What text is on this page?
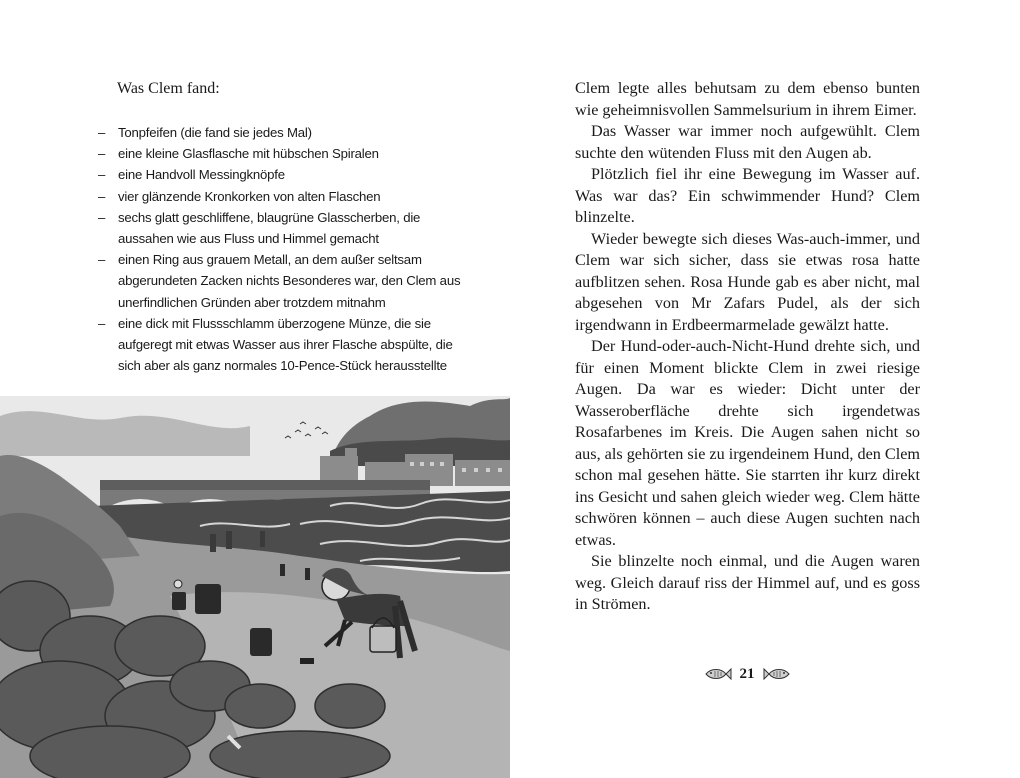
Was Clem fand:
– Tonpfeifen (die fand sie jedes Mal)
– eine kleine Glasflasche mit hübschen Spiralen
– eine Handvoll Messingknöpfe
– vier glänzende Kronkorken von alten Flaschen
– sechs glatt geschliffene, blaugrüne Glasscherben, die aussahen wie aus Fluss und Himmel gemacht
– einen Ring aus grauem Metall, an dem außer seltsam abgerundeten Zacken nichts Besonderes war, den Clem aus unerfindlichen Gründen aber trotzdem mitnahm
– eine dick mit Flussschlamm überzogene Münze, die sie aufgeregt mit etwas Wasser aus ihrer Flasche abspülte, die sich aber als ganz normales 10-Pence-Stück herausstellte

Clem legte alles behutsam zu dem ebenso bunten wie geheimnisvollen Sammelsurium in ihrem Eimer.

Das Wasser war immer noch aufgewühlt. Clem suchte den wütenden Fluss mit den Augen ab.

Plötzlich fiel ihr eine Bewegung im Wasser auf. Was war das? Ein schwimmender Hund? Clem blinzelte.

Wieder bewegte sich dieses Was-auch-immer, und Clem war sich sicher, dass sie etwas rosa hatte aufblitzen sehen. Rosa Hunde gab es aber nicht, mal abgesehen von Mr Zafars Pudel, als der sich irgendwann in Erdbeermarmelade gewälzt hatte.

Der Hund-oder-auch-Nicht-Hund drehte sich, und für einen Moment blickte Clem in zwei riesige Augen. Da war es wieder: Dicht unter der Wasseroberfläche drehte sich irgendetwas Rosafarbenes im Kreis. Die Augen sahen nicht so aus, als gehörten sie zu irgendeinem Hund, den Clem schon mal gesehen hätte. Sie starrten ihr kurz direkt ins Gesicht und sahen gleich wieder weg. Clem hätte schwören können – auch diese Augen suchten nach etwas.

Sie blinzelte noch einmal, und die Augen waren weg. Gleich darauf riss der Himmel auf, und es goss in Strömen.

21
